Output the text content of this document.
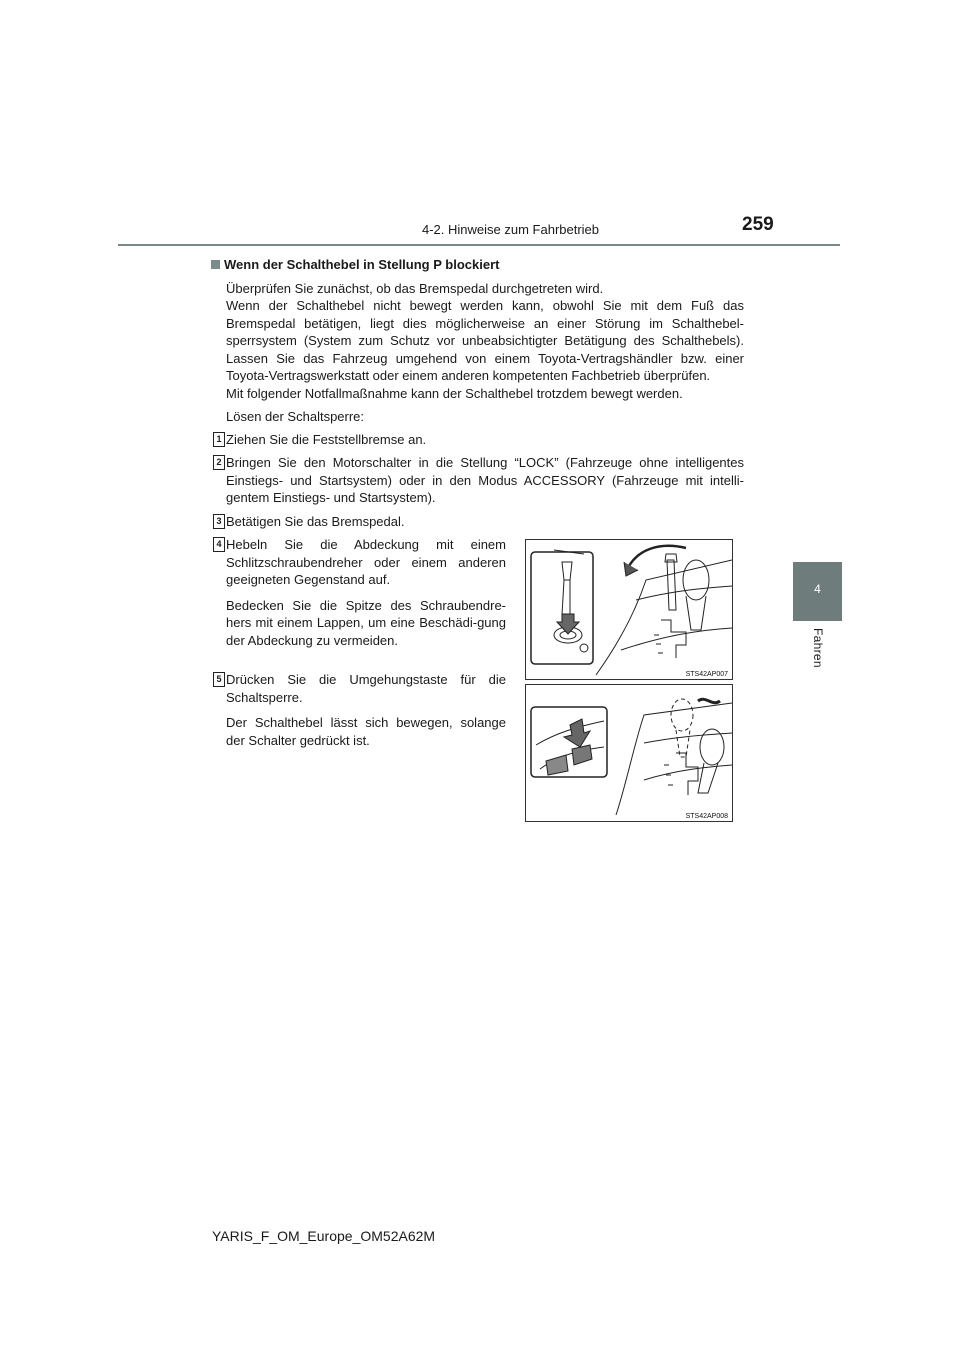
4-2. Hinweise zum Fahrbetrieb	259
4
Fahren
Wenn der Schalthebel in Stellung P blockiert

Überprüfen Sie zunächst, ob das Bremspedal durchgetreten wird.

Wenn der Schalthebel nicht bewegt werden kann, obwohl Sie mit dem Fuß das Bremspedal betätigen, liegt dies möglicherweise an einer Störung im Schalthebel-sperrsystem (System zum Schutz vor unbeabsichtigter Betätigung des Schalthebels). Lassen Sie das Fahrzeug umgehend von einem Toyota-Vertragshändler bzw. einer Toyota-Vertragswerkstatt oder einem anderen kompetenten Fachbetrieb überprüfen.

Mit folgender Notfallmaßnahme kann der Schalthebel trotzdem bewegt werden.

Lösen der Schaltsperre:
1 Ziehen Sie die Feststellbremse an.

2 Bringen Sie den Motorschalter in die Stellung “LOCK” (Fahrzeuge ohne intelligentes Einstiegs- und Startsystem) oder in den Modus ACCESSORY (Fahrzeuge mit intelli-gentem Einstiegs- und Startsystem).

3 Betätigen Sie das Bremspedal.

4 Hebeln Sie die Abdeckung mit einem Schlitzschraubendreher oder einem anderen geeigneten Gegenstand auf.

Bedecken Sie die Spitze des Schraubendre-hers mit einem Lappen, um eine Beschädi-gung der Abdeckung zu vermeiden.

5 Drücken Sie die Umgehungstaste für die Schaltsperre.

Der Schalthebel lässt sich bewegen, solange der Schalter gedrückt ist.

STS42AP007
STS42AP008
YARIS_F_OM_Europe_OM52A62M
